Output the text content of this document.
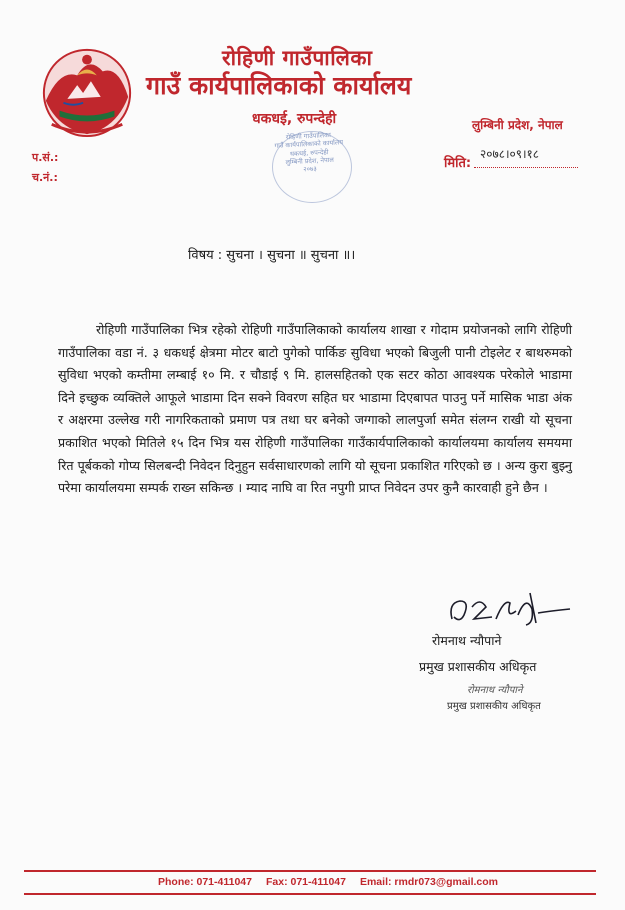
रोहिणी गाउँपालिका
गाउँ कार्यपालिकाको कार्यालय
धकधई, रुपन्देही	लुम्बिनी प्रदेश, नेपाल
प.सं.:
च.नं.:
२०७८।०९।१८
मिति:
रोहिणी गाउँपालिका
गाउँ कार्यपालिकाको कार्यालय
धकधई, रुपन्देही
लुम्बिनी प्रदेश, नेपाल
२०७३
विषय : सुचना । सुचना ॥ सुचना ॥।

रोहिणी गाउँपालिका भित्र रहेको रोहिणी गाउँपालिकाको कार्यालय शाखा र गोदाम प्रयोजनको लागि रोहिणी गाउँपालिका वडा नं. ३ धकधई क्षेत्रमा मोटर बाटो पुगेको पार्किङ सुविधा भएको बिजुली पानी टोइलेट र बाथरुमको सुविधा भएको कम्तीमा लम्बाई १० मि. र चौडाई ९ मि. हालसहितको एक सटर कोठा आवश्यक परेकोले भाडामा दिने इच्छुक व्यक्तिले आफूले भाडामा दिन सक्ने विवरण सहित घर भाडामा दिएबापत पाउनु पर्ने मासिक भाडा अंक र अक्षरमा उल्लेख गरी नागरिकताको प्रमाण पत्र तथा घर बनेको जग्गाको लालपुर्जा समेत संलग्न राखी यो सूचना प्रकाशित भएको मितिले १५ दिन भित्र यस रोहिणी गाउँपालिका गाउँकार्यपालिकाको कार्यालयमा कार्यालय समयमा रित पूर्बकको गोप्य सिलबन्दी निवेदन दिनुहुन सर्वसाधारणको लागि यो सूचना प्रकाशित गरिएको छ । अन्य कुरा बुझ्नु परेमा कार्यालयमा सम्पर्क राख्न सकिन्छ । म्याद नाघि वा रित नपुगी प्राप्त निवेदन उपर कुनै कारवाही हुने छैन ।

रोमनाथ न्यौपाने
प्रमुख प्रशासकीय अधिकृत
रोमनाथ न्यौपाने
प्रमुख प्रशासकीय अधिकृत
Phone: 071-411047 Fax: 071-411047 Email: rmdr073@gmail.com
